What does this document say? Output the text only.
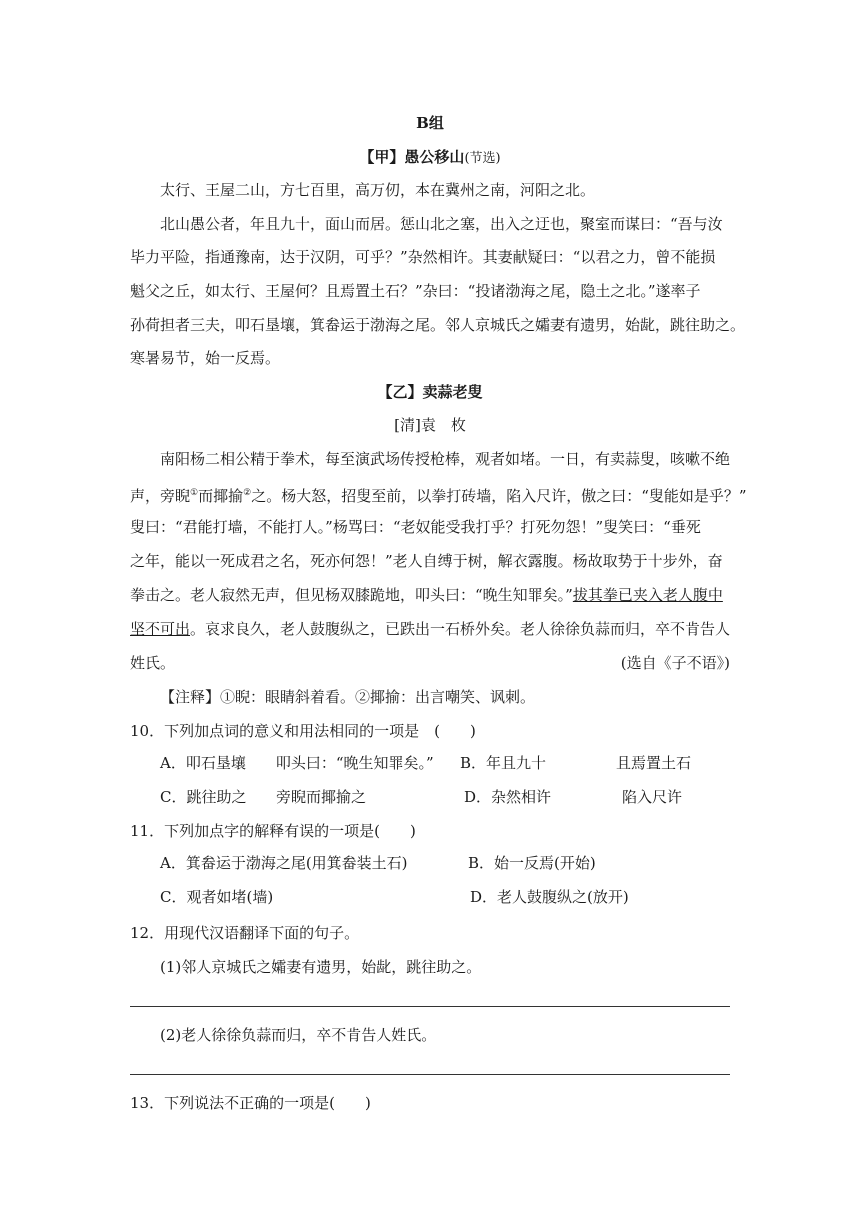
B组
【甲】愚公移山(节选)
太行、王屋二山，方七百里，高万仞，本在冀州之南，河阳之北。
北山愚公者，年且九十，面山而居。惩山北之塞，出入之迂也，聚室而谋曰：“吾与汝
毕力平险，指通豫南，达于汉阴，可乎？”杂然相许。其妻献疑曰：“以君之力，曾不能损
魁父之丘，如太行、王屋何？且焉置土石？”杂曰：“投诸渤海之尾，隐土之北。”遂率子
孙荷担者三夫，叩石垦壤，箕畚运于渤海之尾。邻人京城氏之孀妻有遗男，始龀，跳往助之。
寒暑易节，始一反焉。
【乙】卖蒜老叟
[清]袁　枚
南阳杨二相公精于拳术，每至演武场传授枪棒，观者如堵。一日，有卖蒜叟，咳嗽不绝
声，旁睨①而揶揄②之。杨大怒，招叟至前，以拳打砖墙，陷入尺许，傲之曰：“叟能如是乎？”
叟曰：“君能打墙，不能打人。”杨骂曰：“老奴能受我打乎？打死勿怨！”叟笑曰：“垂死
之年，能以一死成君之名，死亦何怨！”老人自缚于树，解衣露腹。杨故取势于十步外，奋
拳击之。老人寂然无声，但见杨双膝跪地，叩头曰：“晚生知罪矣。”拔其拳已夹入老人腹中
坚不可出。哀求良久，老人鼓腹纵之，已跌出一石桥外矣。老人徐徐负蒜而归，卒不肯告人
姓氏。	(选自《子不语》)
【注释】①睨：眼睛斜着看。②揶揄：出言嘲笑、讽刺。
10．下列加点词的意义和用法相同的一项是　(　　)
A．叩石垦壤　　叩头曰：“晚生知罪矣。” B．年且九十	且焉置土石
C．跳往助之 旁睨而揶揄之	D．杂然相许	陷入尺许
11．下列加点字的解释有误的一项是(　　)
A．箕畚运于渤海之尾(用箕畚装土石)	B．始一反焉(开始)
C．观者如堵(墙)	D．老人鼓腹纵之(放开)
12．用现代汉语翻译下面的句子。
(1)邻人京城氏之孀妻有遗男，始龀，跳往助之。
(2)老人徐徐负蒜而归，卒不肯告人姓氏。
13．下列说法不正确的一项是(　　)
